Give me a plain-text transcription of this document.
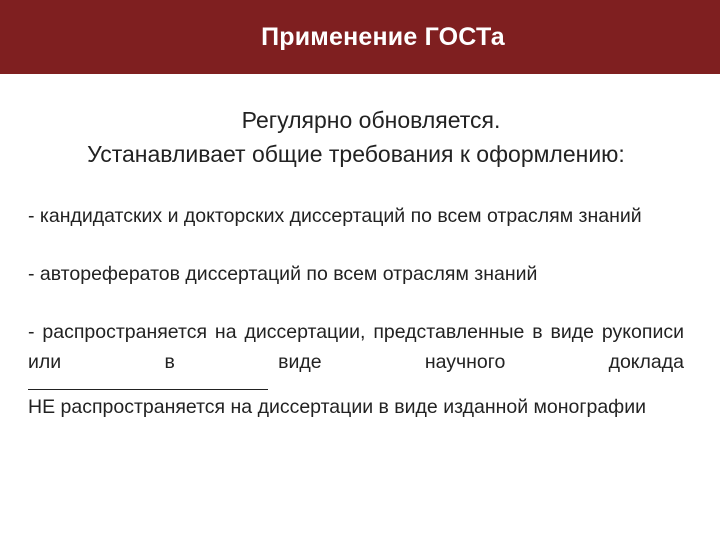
Применение ГОСТа

Регулярно обновляется.

Устанавливает общие требования к оформлению:

- кандидатских и докторских диссертаций по всем отраслям знаний

- авторефератов диссертаций по всем отраслям знаний

- распространяется на диссертации, представленные в виде рукописи или в виде научного доклада

НЕ распространяется на диссертации в виде изданной монографии
